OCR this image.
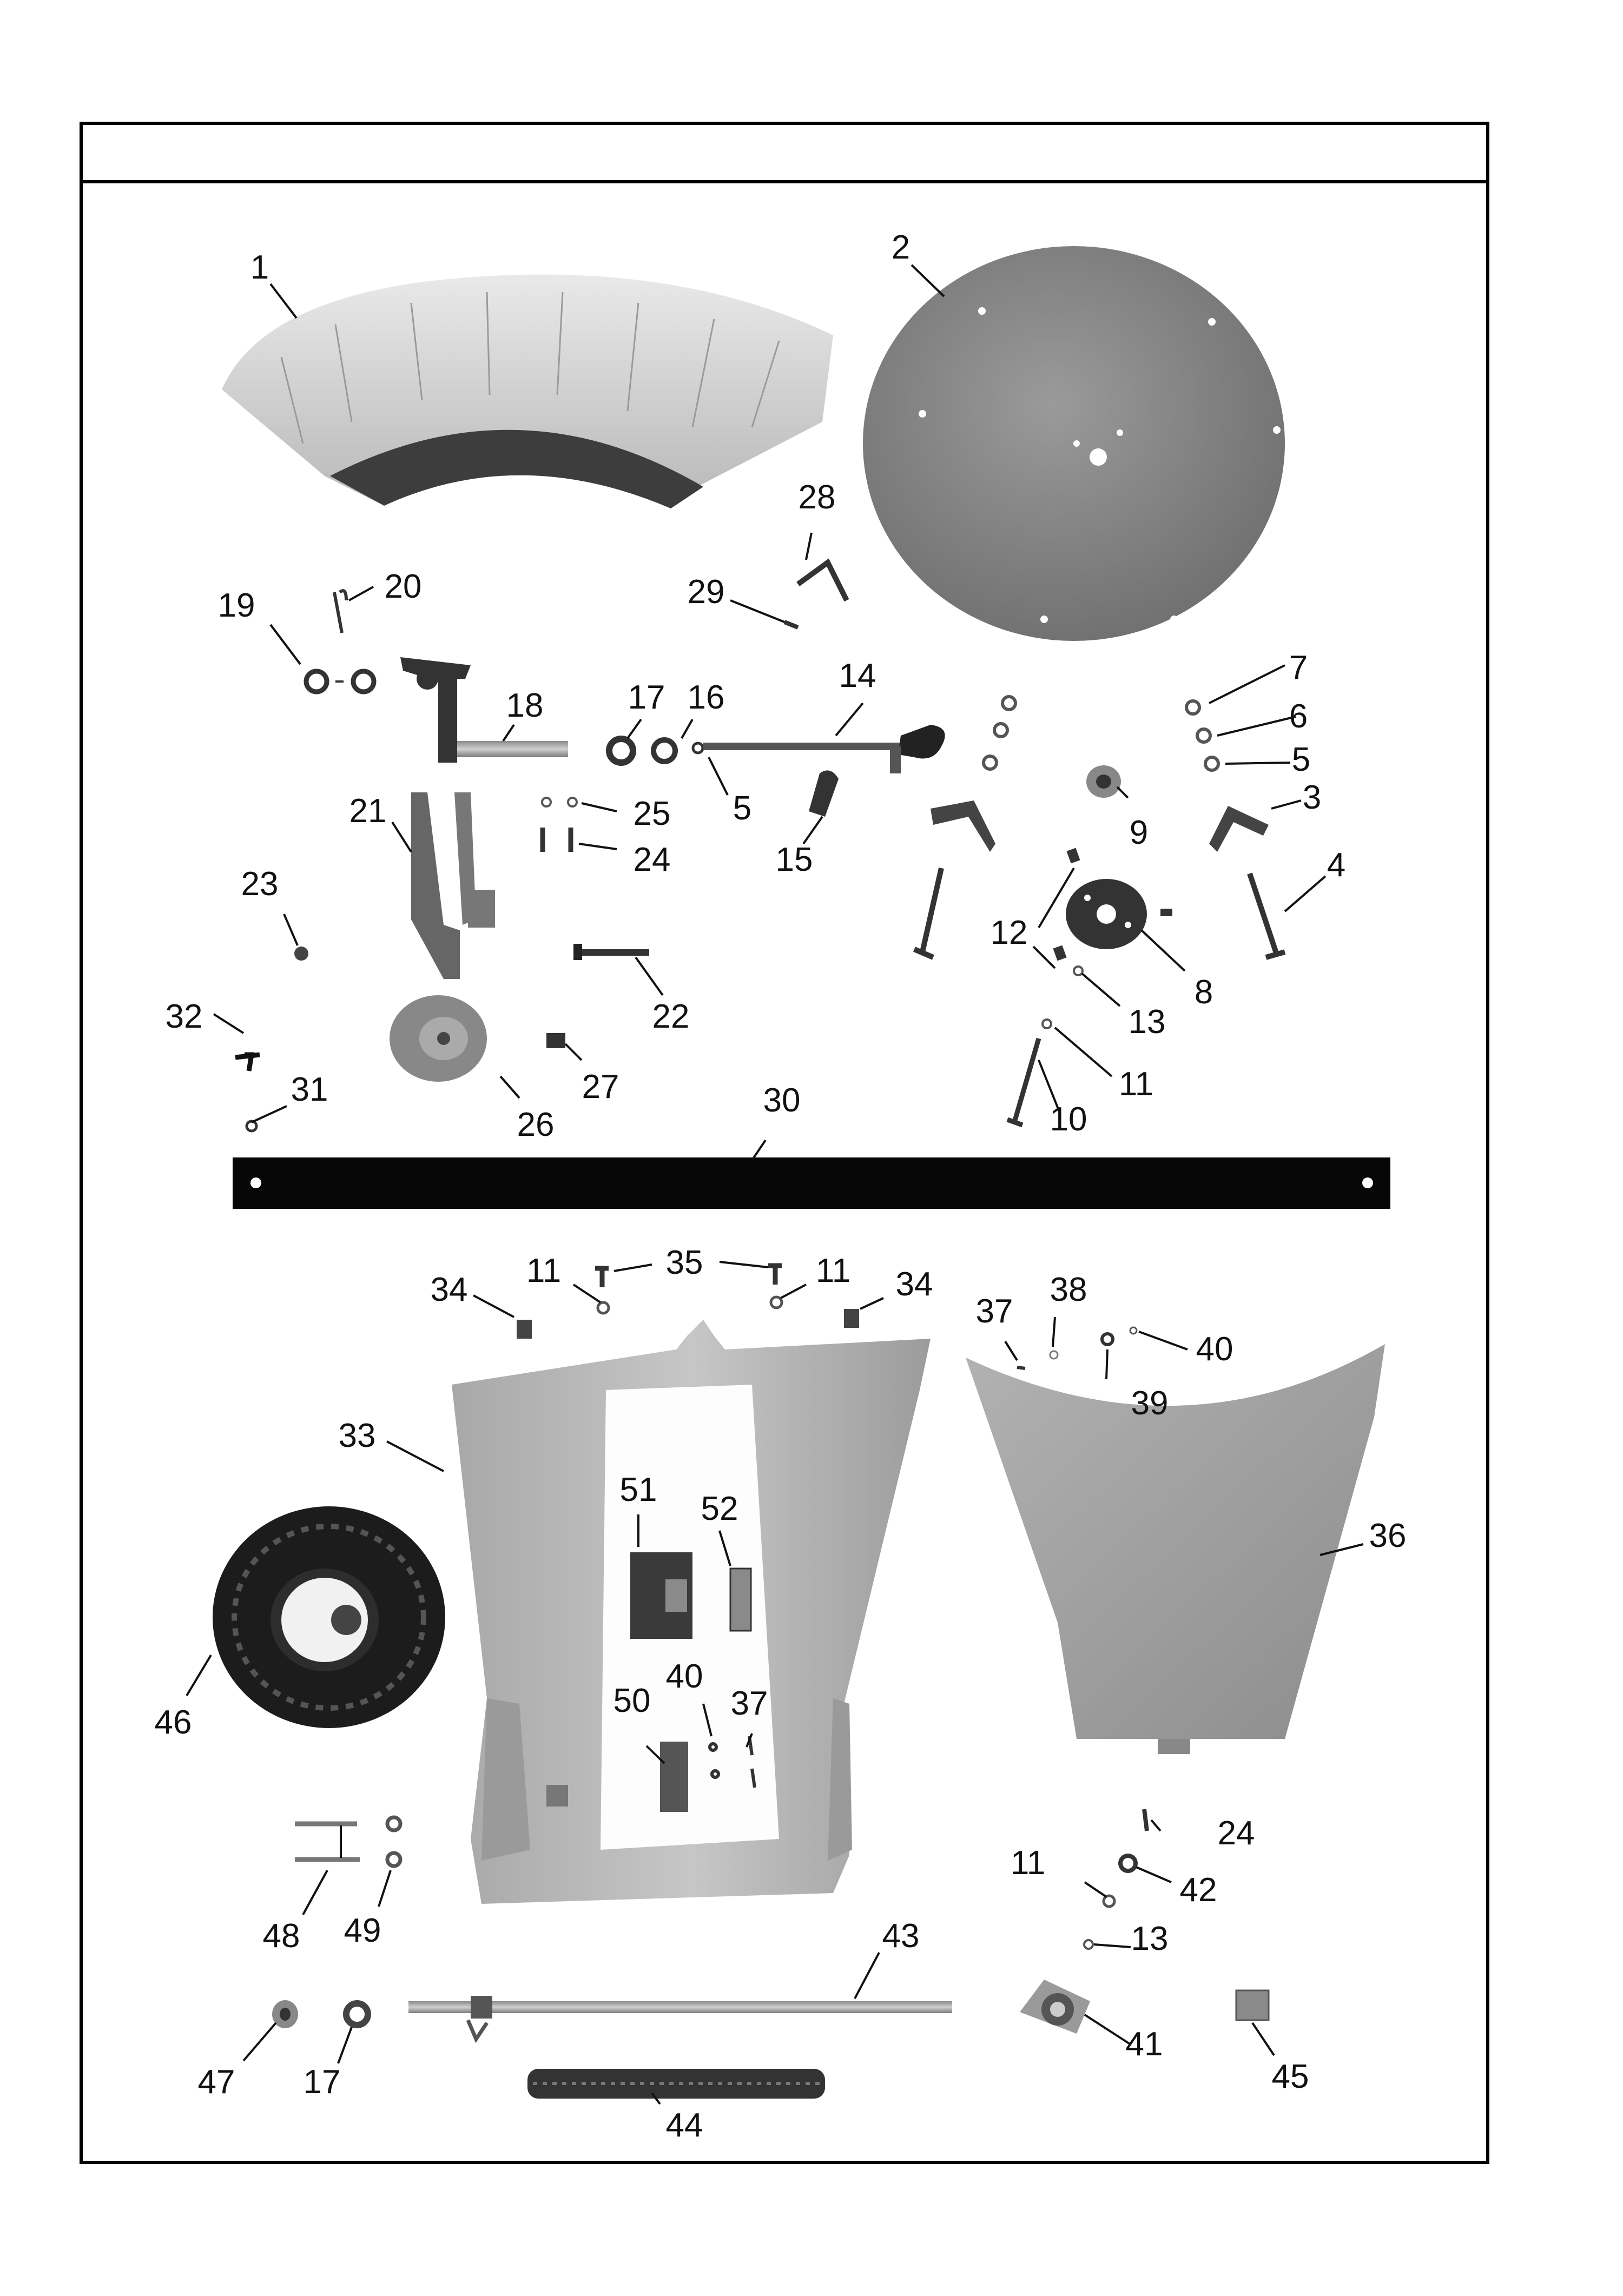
1
2
3
4
5
5
6
7
8
9
10
11
11	11
11
12
13
13
14
15
16
17
17
18
19
20
21
22
23
24
24
25
26
27
28
29
30
31
32
33
34	34
35
36
37
37
38
39
40
40
41
42
43
44
45
46
47
48 49
50
51
52
